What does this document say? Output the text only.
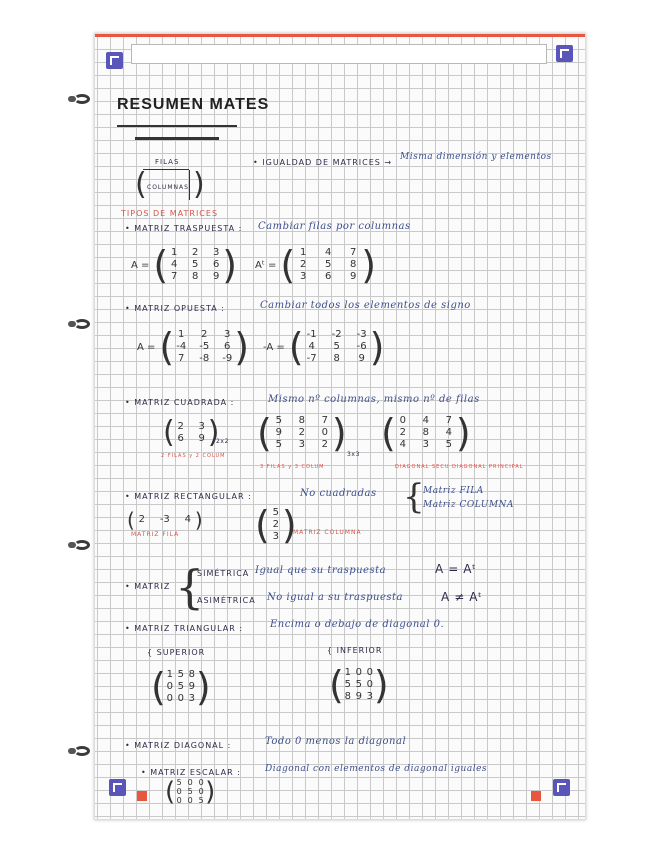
RESUMEN MATES
FILAS
( COLUMNAS )
• IGUALDAD DE MATRICES →
Misma dimensión y elementos
TIPOS DE MATRICES
• MATRIZ TRASPUESTA : Cambiar filas por columnas
A = ( 1 2 3
4 5 6
7 8 9 ) Aᵗ = ( 1	4	7
2	5	8
3	6	9 )
• MATRIZ OPUESTA :	Cambiar todos los elementos de signo
A = ( 1	2	3
-4 -5	6
7	-8 -9 ) -A = ( -1	-2	-3
4	5	-6
-7	8	9 )
• MATRIZ CUADRADA :	Mismo nº columnas, mismo nº de filas
( 2 3
6 9 )
2x2
2 FILAS y 2 COLUM
( 5	8	7
9	2	0
5	3	2 ) 3x3
3 FILAS y 3 COLUM
( 0	4	7
2	8	4
4	3	5 )
DIAGONAL SECU DIAGONAL PRINCIPAL
• MATRIZ RECTANGULAR :	No cuadradas {
Matriz FILA
Matriz COLUMNA
( 2	-3	4 )
MATRIZ FILA ( 5
2
3 )
MATRIZ COLUMNA
• MATRIZ {
SIMÉTRICA Igual que su traspuesta	A = Aᵗ
ASIMÉTRICA No igual a su traspuesta	A ≠ Aᵗ
• MATRIZ TRIANGULAR :	Encima o debajo de diagonal 0.
{ SUPERIOR	{ INFERIOR
( 1 5 8
0 5 9
0 0 3 )	( 1 0 0
5 5 0
8 9 3 )
• MATRIZ DIAGONAL :	Todo 0 menos la diagonal
• MATRIZ ESCALAR :	Diagonal con elementos de diagonal iguales
( 5 0 0
0 5 0
0 0 5 )
